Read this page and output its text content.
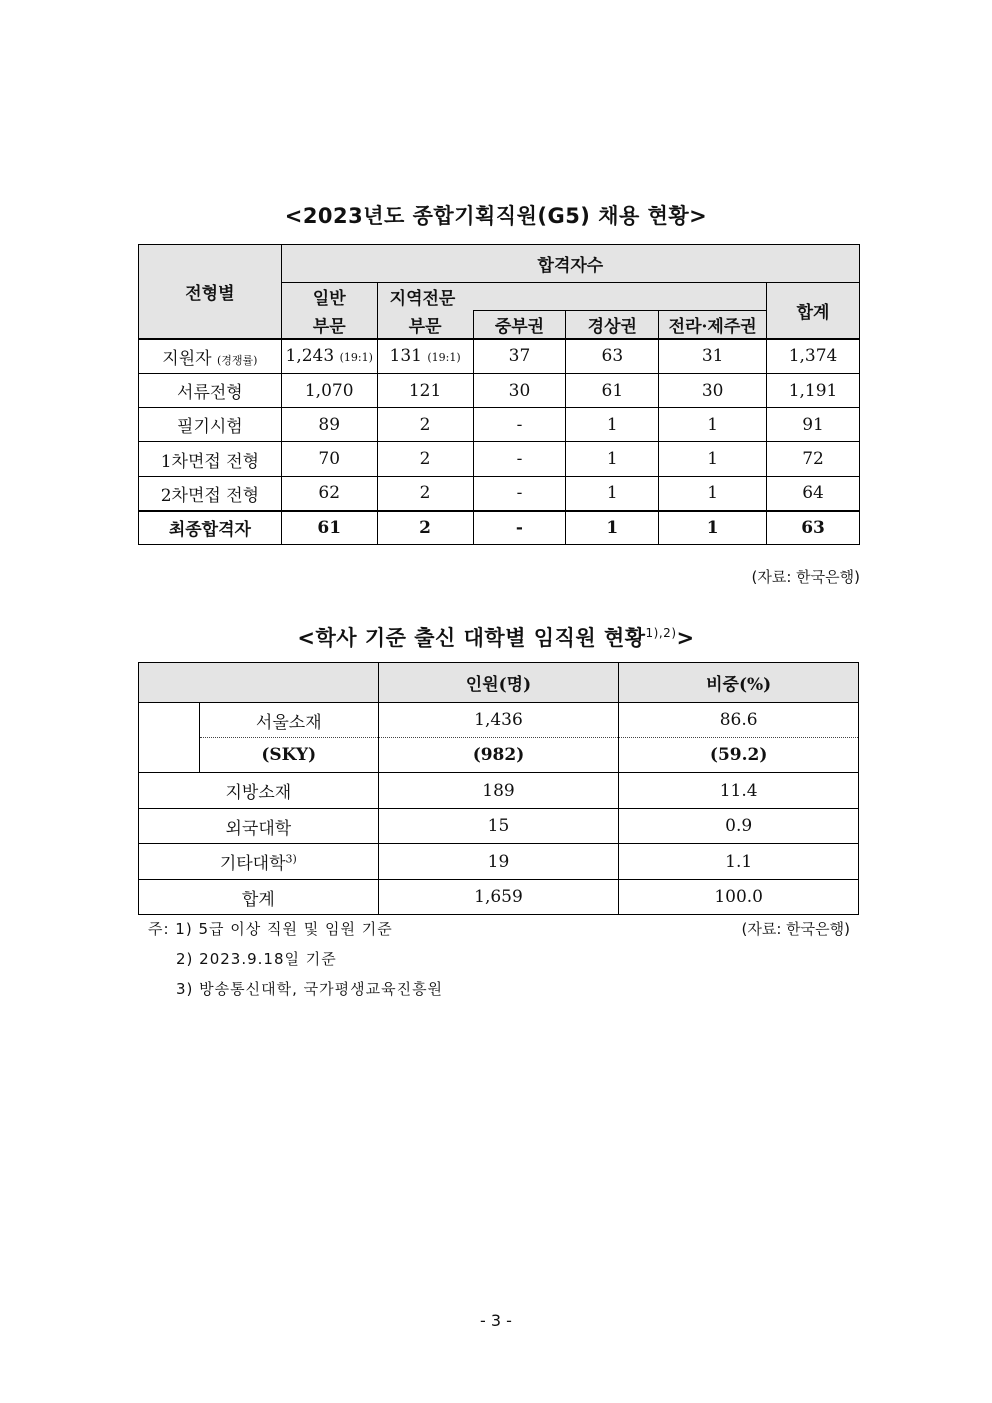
<2023년도 종합기획직원(G5) 채용 현황>
전형별	합격자수					
	일반	지역전문				합계
	부문	부문	중부권	경상권	전라·제주권	
지원자 (경쟁률)	1,243 (19:1)	131 (19:1)	37	63	31	1,374
서류전형	1,070	121	30	61	30	1,191
필기시험	89	2	-	1	1	91
1차면접 전형	70	2	-	1	1	72
2차면접 전형	62	2	-	1	1	64
최종합격자	61	2	-	1	1	63
(자료: 한국은행)
<학사 기준 출신 대학별 임직원 현황$^{1),2)}$>
		인원(명)	비중(%)
	서울소재	1,436	86.6
	(SKY)	(982)	(59.2)
지방소재		189	11.4
외국대학		15	0.9
기타대학$^{3)}$		19	1.1
합계		1,659	100.0
주: 1) 5급 이상 직원 및 임원 기준	(자료: 한국은행)
2) 2023.9.18일 기준
3) 방송통신대학, 국가평생교육진흥원
- 3 -
